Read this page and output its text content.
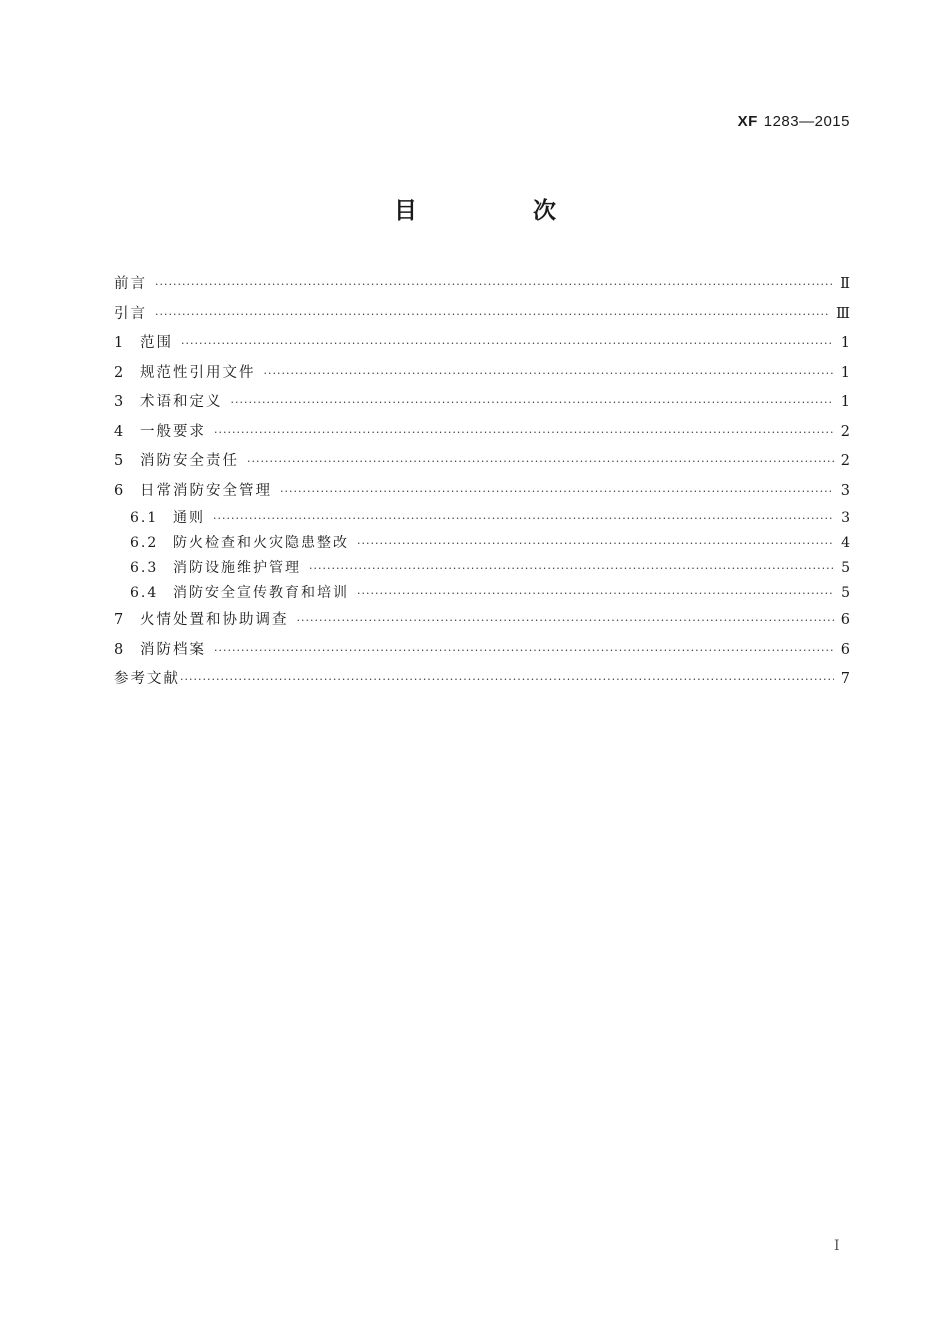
XF 1283—2015
目 次
前言 ·····	Ⅱ
引言 ·····	Ⅲ
1	范围 ·····	1
2	规范性引用文件 ·····	1
3	术语和定义 ·····	1
4	一般要求 ·····	2
5	消防安全责任 ·····	2
6	日常消防安全管理 ·····	3
6.1	通则 ·····	3
6.2	防火检查和火灾隐患整改 ·····	4
6.3	消防设施维护管理 ·····	5
6.4	消防安全宣传教育和培训 ·····	5
7	火情处置和协助调查 ·····	6
8	消防档案 ·····	6
参考文献 ·····	7
I
